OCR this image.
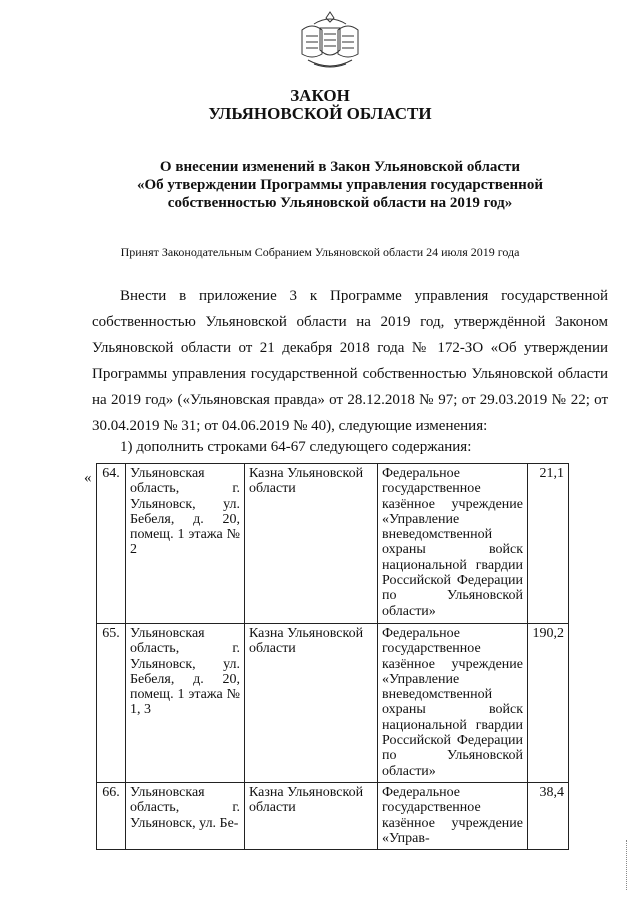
ЗАКОН
УЛЬЯНОВСКОЙ ОБЛАСТИ
О внесении изменений в Закон Ульяновской области
«Об утверждении Программы управления государственной
собственностью Ульяновской области на 2019 год»
Принят Законодательным Собранием Ульяновской области 24 июля 2019 года
Внести в приложение 3 к Программе управления государственной собственностью Ульяновской области на 2019 год, утверждённой Законом Ульяновской области от 21 декабря 2018 года № 172-ЗО «Об утверждении Программы управления государственной собственностью Ульяновской области на 2019 год» («Ульяновская правда» от 28.12.2018 № 97; от 29.03.2019 № 22; от 30.04.2019 № 31; от 04.06.2019 № 40), следующие изменения:
1) дополнить строками 64-67 следующего содержания:
« 64.	Ульяновская область, г. Ульяновск, ул. Бебеля, д. 20, помещ. 1 этажа № 2	Казна Ульяновской области	Федеральное государственное казённое учреждение «Управление вневедомственной охраны войск национальной гвардии Российской Федерации по Ульяновской области»	21,1
65.	Ульяновская область, г. Ульяновск, ул. Бебеля, д. 20, помещ. 1 этажа № 1, 3	Казна Ульяновской области	Федеральное государственное казённое учреждение «Управление вневедомственной охраны войск национальной гвардии Российской Федерации по Ульяновской области»	190,2
66.	Ульяновская область, г. Ульяновск, ул. Бе-	Казна Ульяновской области	Федеральное государственное казённое учреждение «Управ-	38,4
